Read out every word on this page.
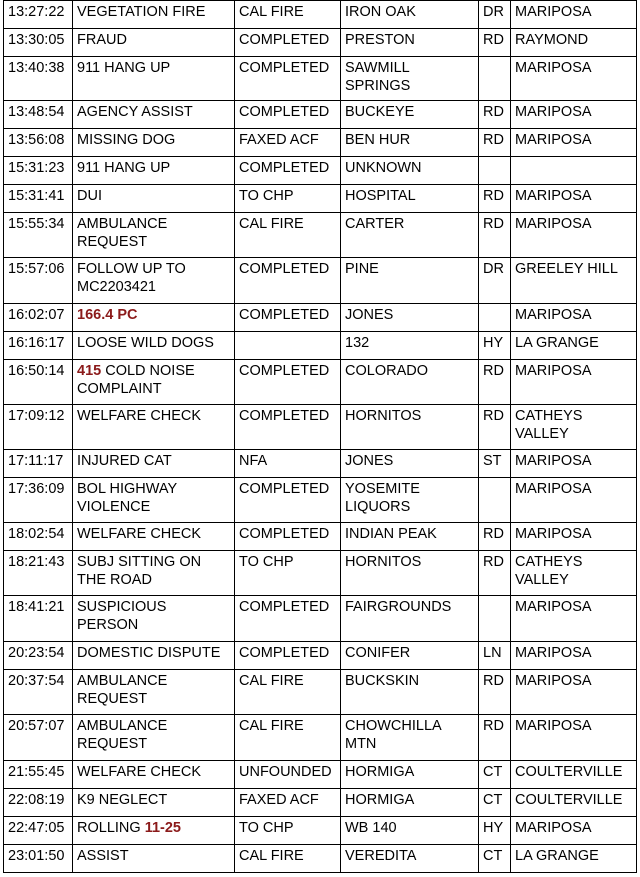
13:27:22	VEGETATION FIRE	CAL FIRE	IRON OAK	DR	MARIPOSA
13:30:05	FRAUD	COMPLETED	PRESTON	RD	RAYMOND
13:40:38	911 HANG UP	COMPLETED	SAWMILL SPRINGS		MARIPOSA
13:48:54	AGENCY ASSIST	COMPLETED	BUCKEYE	RD	MARIPOSA
13:56:08	MISSING DOG	FAXED ACF	BEN HUR	RD	MARIPOSA
15:31:23	911 HANG UP	COMPLETED	UNKNOWN		
15:31:41	DUI	TO CHP	HOSPITAL	RD	MARIPOSA
15:55:34	AMBULANCE REQUEST	CAL FIRE	CARTER	RD	MARIPOSA
15:57:06	FOLLOW UP TO MC2203421	COMPLETED	PINE	DR	GREELEY HILL
16:02:07	166.4 PC	COMPLETED	JONES		MARIPOSA
16:16:17	LOOSE WILD DOGS		132	HY	LA GRANGE
16:50:14	415 COLD NOISE COMPLAINT	COMPLETED	COLORADO	RD	MARIPOSA
17:09:12	WELFARE CHECK	COMPLETED	HORNITOS	RD	CATHEYS VALLEY
17:11:17	INJURED CAT	NFA	JONES	ST	MARIPOSA
17:36:09	BOL HIGHWAY VIOLENCE	COMPLETED	YOSEMITE LIQUORS		MARIPOSA
18:02:54	WELFARE CHECK	COMPLETED	INDIAN PEAK	RD	MARIPOSA
18:21:43	SUBJ SITTING ON THE ROAD	TO CHP	HORNITOS	RD	CATHEYS VALLEY
18:41:21	SUSPICIOUS PERSON	COMPLETED	FAIRGROUNDS		MARIPOSA
20:23:54	DOMESTIC DISPUTE	COMPLETED	CONIFER	LN	MARIPOSA
20:37:54	AMBULANCE REQUEST	CAL FIRE	BUCKSKIN	RD	MARIPOSA
20:57:07	AMBULANCE REQUEST	CAL FIRE	CHOWCHILLA MTN	RD	MARIPOSA
21:55:45	WELFARE CHECK	UNFOUNDED	HORMIGA	CT	COULTERVILLE
22:08:19	K9 NEGLECT	FAXED ACF	HORMIGA	CT	COULTERVILLE
22:47:05	ROLLING 11-25	TO CHP	WB 140	HY	MARIPOSA
23:01:50	ASSIST	CAL FIRE	VEREDITA	CT	LA GRANGE
